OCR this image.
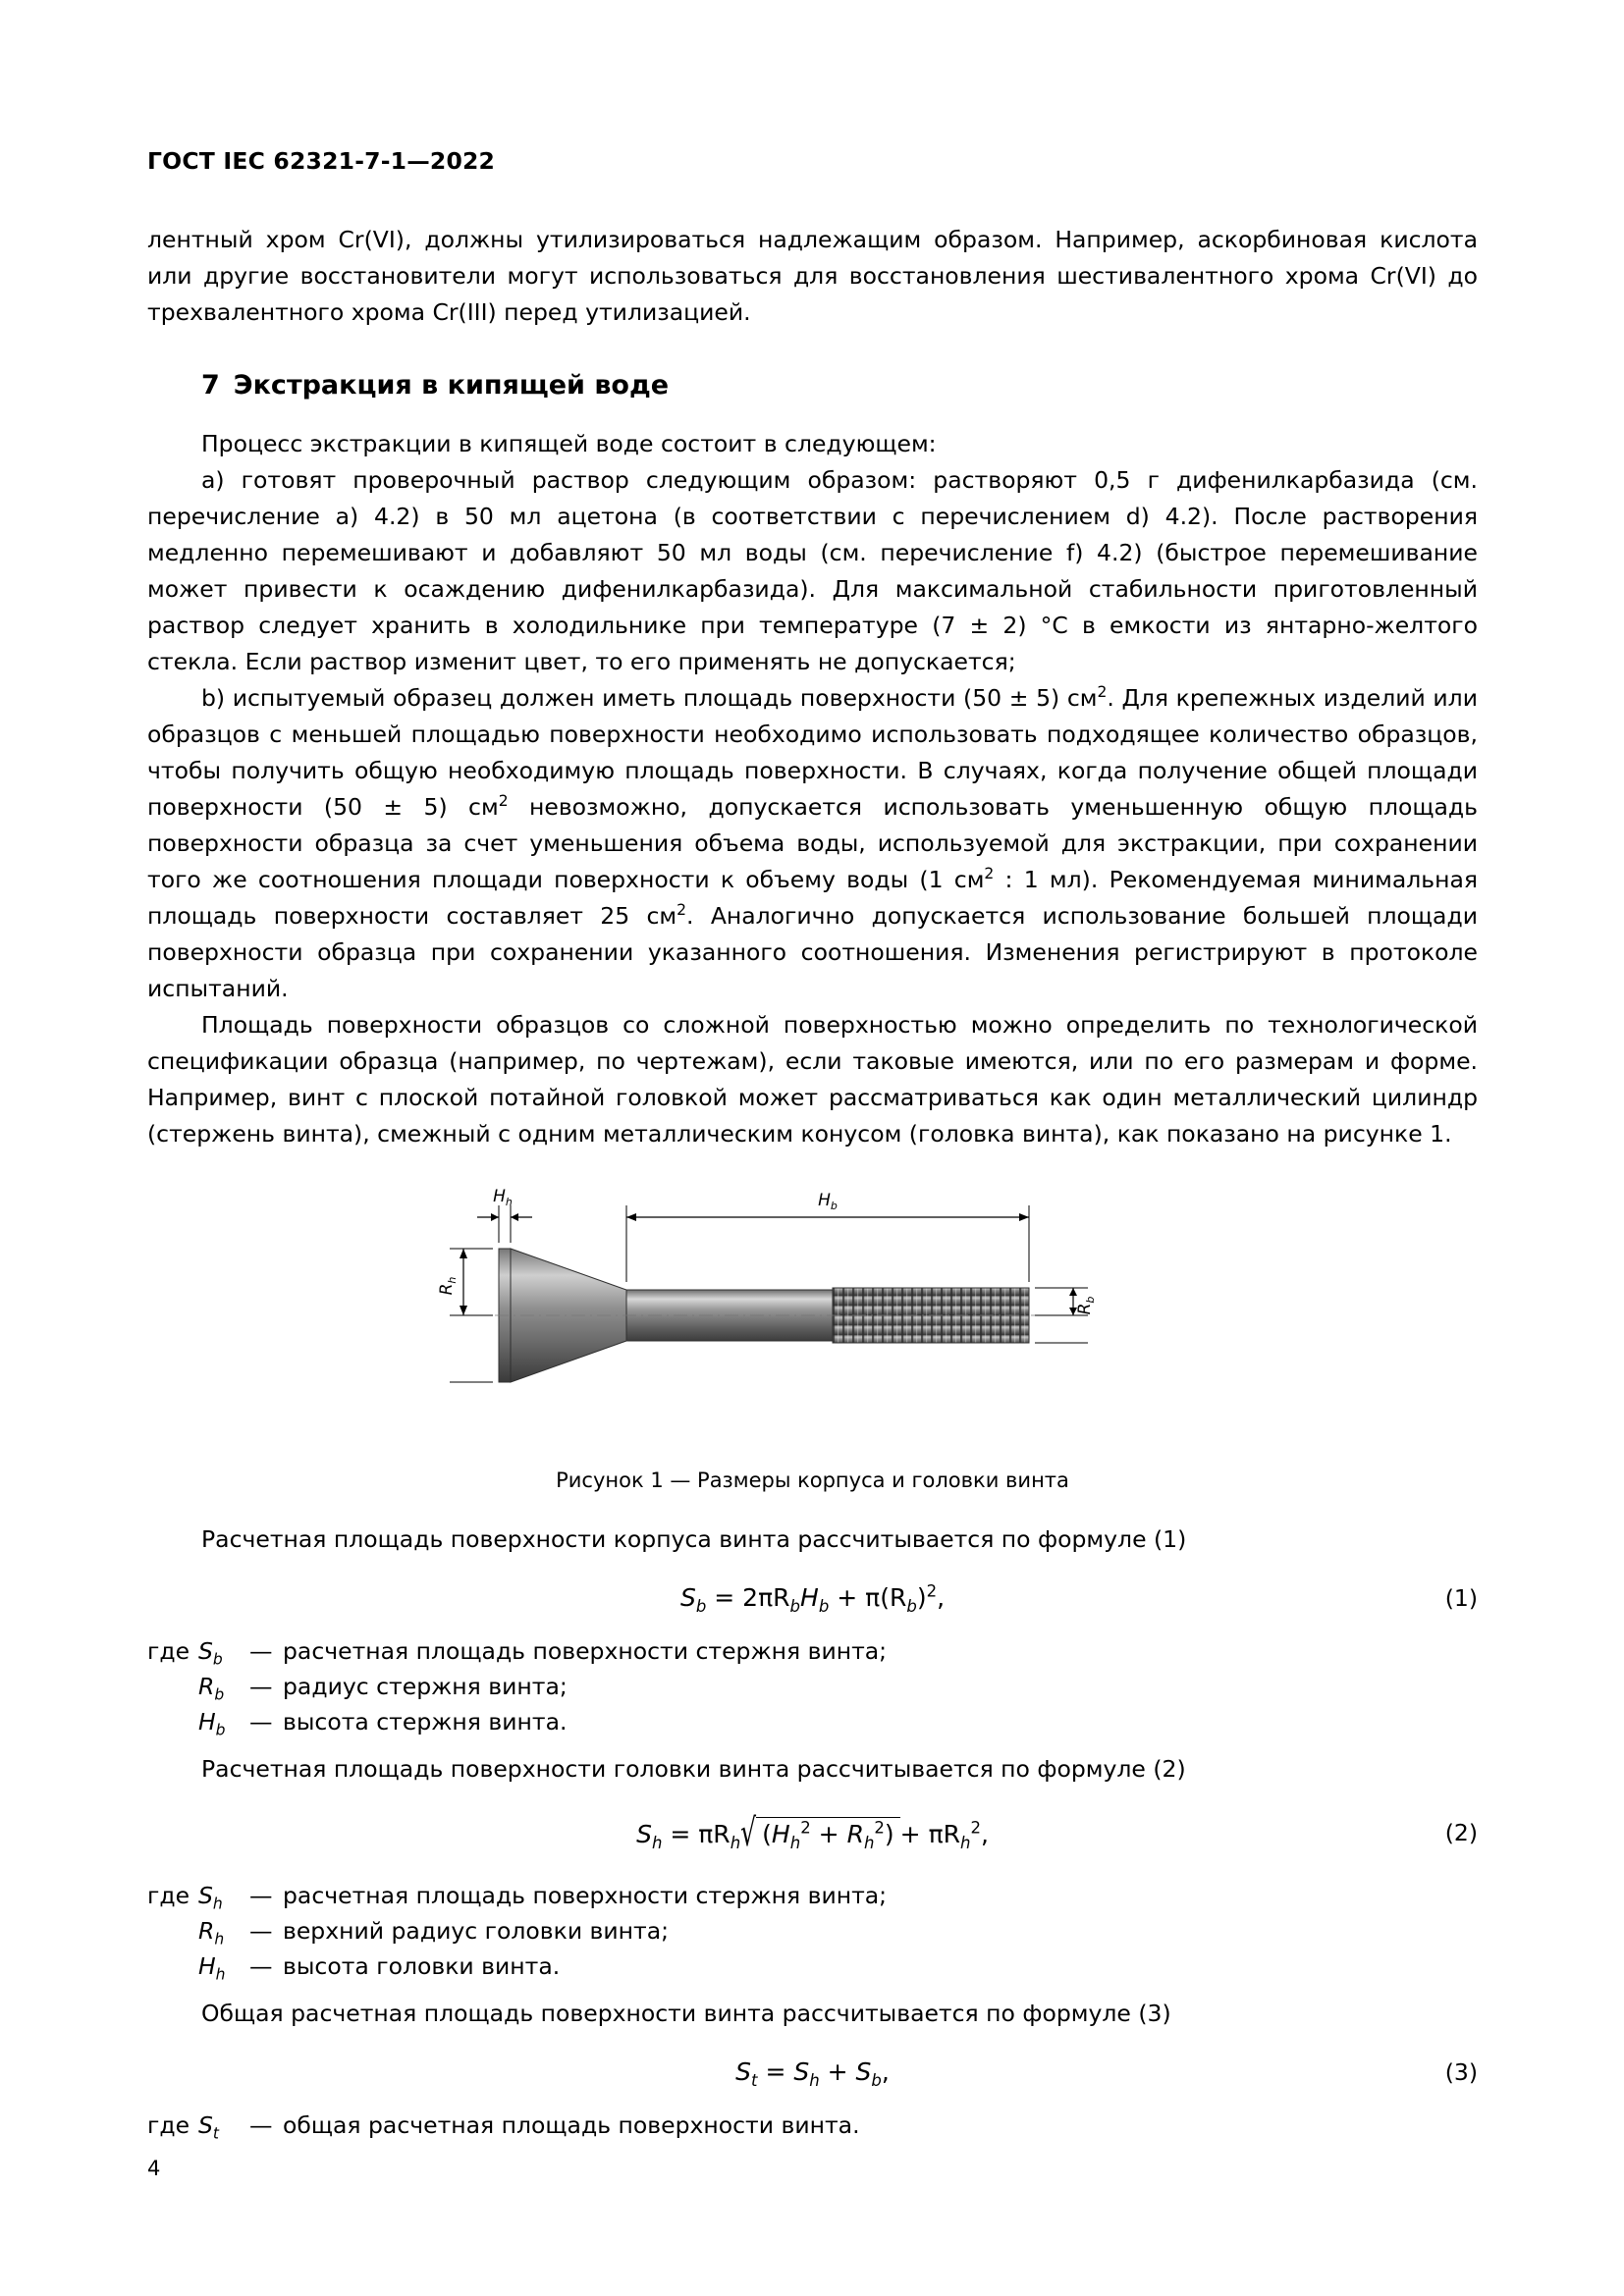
ГОСТ IEC 62321-7-1—2022

лентный хром Cr(VI), должны утилизироваться надлежащим образом. Например, аскорбиновая кислота или другие восстановители могут использоваться для восстановления шестивалентного хрома Cr(VI) до трехвалентного хрома Cr(III) перед утилизацией.

7 Экстракция в кипящей воде

Процесс экстракции в кипящей воде состоит в следующем:

a) готовят проверочный раствор следующим образом: растворяют 0,5 г дифенилкарбазида (см. перечисление a) 4.2) в 50 мл ацетона (в соответствии с перечислением d) 4.2). После растворения медленно перемешивают и добавляют 50 мл воды (см. перечисление f) 4.2) (быстрое перемешивание может привести к осаждению дифенилкарбазида). Для максимальной стабильности приготовленный раствор следует хранить в холодильнике при температуре (7 ± 2) °C в емкости из янтарно-желтого стекла. Если раствор изменит цвет, то его применять не допускается;

b) испытуемый образец должен иметь площадь поверхности (50 ± 5) $см^2$. Для крепежных изделий или образцов с меньшей площадью поверхности необходимо использовать подходящее количество образцов, чтобы получить общую необходимую площадь поверхности. В случаях, когда получение общей площади поверхности (50 ± 5) $см^2$ невозможно, допускается использовать уменьшенную общую площадь поверхности образца за счет уменьшения объема воды, используемой для экстракции, при сохранении того же соотношения площади поверхности к объему воды (1 $см^2$ : 1 мл). Рекомендуемая минимальная площадь поверхности составляет 25 $см^2$. Аналогично допускается использование большей площади поверхности образца при сохранении указанного соотношения. Изменения регистрируют в протоколе испытаний.

Площадь поверхности образцов со сложной поверхностью можно определить по технологической спецификации образца (например, по чертежам), если таковые имеются, или по его размерам и форме. Например, винт с плоской потайной головкой может рассматриваться как один металлический цилиндр (стержень винта), смежный с одним металлическим конусом (головка винта), как показано на рисунке 1.

$H_h$	$H_b$
$R_h$
$R_b$
Рисунок 1 — Размеры корпуса и головки винта

Расчетная площадь поверхности корпуса винта рассчитывается по формуле (1)

$S_b = 2\pi R_bH_b + \pi(R_b)^2$,	(1)
где $S_b$	— расчетная площадь поверхности стержня винта;
$R_b$	— радиус стержня винта;
$H_b$	— высота стержня винта.

Расчетная площадь поверхности головки винта рассчитывается по формуле (2)

$S_h = \pi R_h$ √ $(H_h^2 + R_h^2) + \pi R_h^2$,	(2)
где $S_h$	— расчетная площадь поверхности стержня винта;
$R_h$	— верхний радиус головки винта;
$H_h$	— высота головки винта.

Общая расчетная площадь поверхности винта рассчитывается по формуле (3)

$S_t = S_h + S_b$,	(3)
где $S_t$	— общая расчетная площадь поверхности винта.
4
